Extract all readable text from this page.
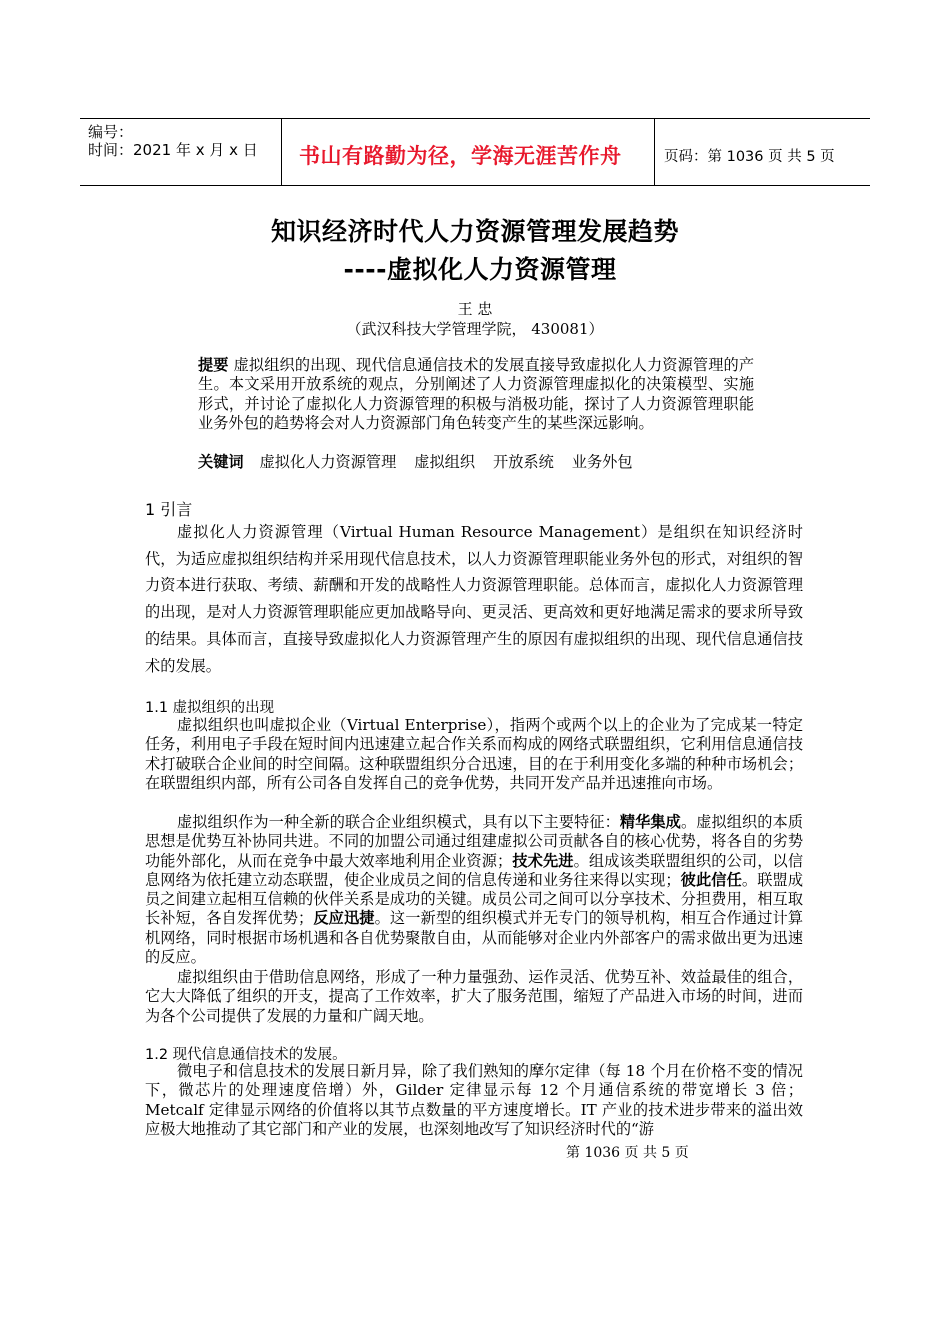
编号：
时间：2021 年 x 月 x 日 书山有路勤为径，学海无涯苦作舟	页码：第 1036 页 共 5 页
知识经济时代人力资源管理发展趋势
----虚拟化人力资源管理
王 忠
（武汉科技大学管理学院， 430081）
提要 虚拟组织的出现、现代信息通信技术的发展直接导致虚拟化人力资源管理的产生。本文采用开放系统的观点，分别阐述了人力资源管理虚拟化的决策模型、实施形式，并讨论了虚拟化人力资源管理的积极与消极功能，探讨了人力资源管理职能业务外包的趋势将会对人力资源部门角色转变产生的某些深远影响。
关键词 虚拟化人力资源管理 虚拟组织 开放系统 业务外包
1 引言
虚拟化人力资源管理（Virtual Human Resource Management）是组织在知识经济时代，为适应虚拟组织结构并采用现代信息技术，以人力资源管理职能业务外包的形式，对组织的智力资本进行获取、考绩、薪酬和开发的战略性人力资源管理职能。总体而言，虚拟化人力资源管理的出现，是对人力资源管理职能应更加战略导向、更灵活、更高效和更好地满足需求的要求所导致的结果。具体而言，直接导致虚拟化人力资源管理产生的原因有虚拟组织的出现、现代信息通信技术的发展。
1.1 虚拟组织的出现
虚拟组织也叫虚拟企业（Virtual Enterprise），指两个或两个以上的企业为了完成某一特定任务，利用电子手段在短时间内迅速建立起合作关系而构成的网络式联盟组织，它利用信息通信技术打破联合企业间的时空间隔。这种联盟组织分合迅速，目的在于利用变化多端的种种市场机会；在联盟组织内部，所有公司各自发挥自己的竞争优势，共同开发产品并迅速推向市场。
虚拟组织作为一种全新的联合企业组织模式，具有以下主要特征：精华集成。虚拟组织的本质思想是优势互补协同共进。不同的加盟公司通过组建虚拟公司贡献各自的核心优势，将各自的劣势功能外部化，从而在竞争中最大效率地利用企业资源；技术先进。组成该类联盟组织的公司，以信息网络为依托建立动态联盟，使企业成员之间的信息传递和业务往来得以实现；彼此信任。联盟成员之间建立起相互信赖的伙伴关系是成功的关键。成员公司之间可以分享技术、分担费用，相互取长补短，各自发挥优势；反应迅捷。这一新型的组织模式并无专门的领导机构，相互合作通过计算机网络，同时根据市场机遇和各自优势聚散自由，从而能够对企业内外部客户的需求做出更为迅速的反应。
虚拟组织由于借助信息网络，形成了一种力量强劲、运作灵活、优势互补、效益最佳的组合，它大大降低了组织的开支，提高了工作效率，扩大了服务范围，缩短了产品进入市场的时间，进而为各个公司提供了发展的力量和广阔天地。
1.2 现代信息通信技术的发展。
微电子和信息技术的发展日新月异，除了我们熟知的摩尔定律（每 18 个月在价格不变的情况下，微芯片的处理速度倍增）外，Gilder 定律显示每 12 个月通信系统的带宽增长 3 倍；Metcalf 定律显示网络的价值将以其节点数量的平方速度增长。IT 产业的技术进步带来的溢出效应极大地推动了其它部门和产业的发展，也深刻地改写了知识经济时代的“游
第 1036 页 共 5 页
